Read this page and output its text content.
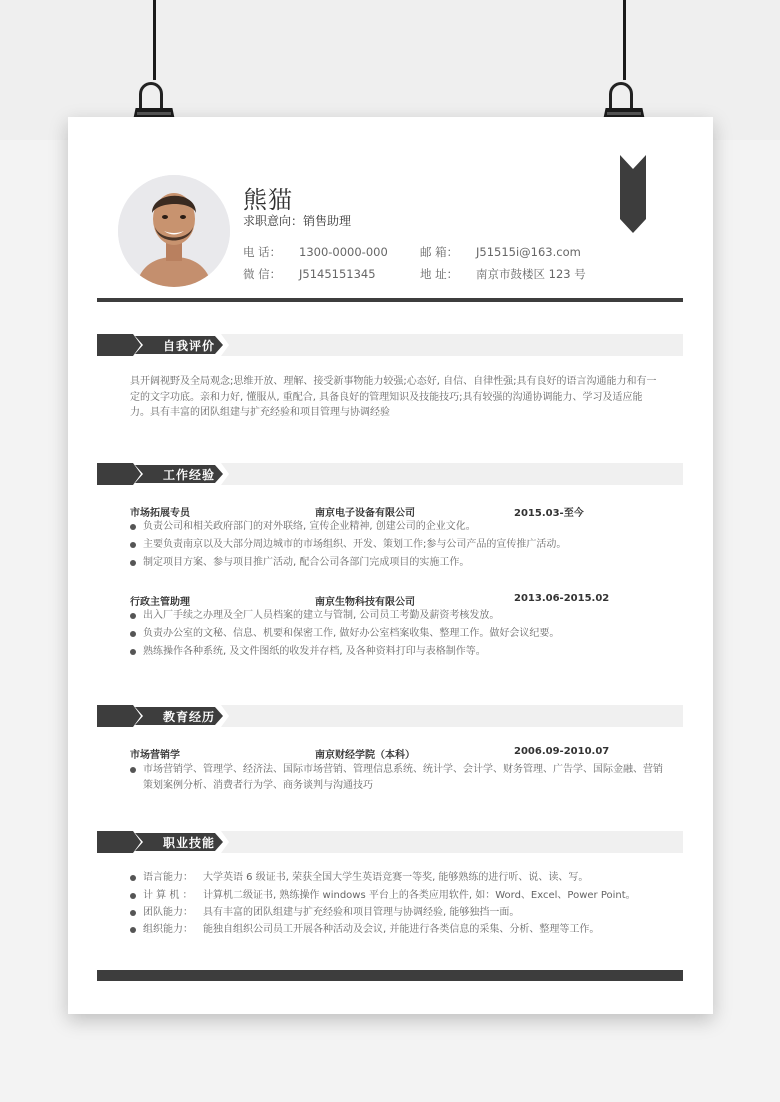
熊猫
求职意向：销售助理
电 话： 1300-0000-000	邮 箱： J51515i@163.com
微 信： J5145151345	地 址： 南京市鼓楼区 123 号
自我评价
具开阔视野及全局观念;思维开放、理解、接受新事物能力较强;心态好, 自信、自律性强;具有良好的语言沟通能力和有一定的文字功底。亲和力好, 懂服从, 重配合, 具备良好的管理知识及技能技巧;具有较强的沟通协调能力、学习及适应能力。具有丰富的团队组建与扩充经验和项目管理与协调经验
工作经验
市场拓展专员	南京电子设备有限公司	2015.03-至今
负责公司和相关政府部门的对外联络, 宣传企业精神, 创建公司的企业文化。
主要负责南京以及大部分周边城市的市场组织、开发、策划工作;参与公司产品的宣传推广活动。
制定项目方案、参与项目推广活动, 配合公司各部门完成项目的实施工作。
行政主管助理	南京生物科技有限公司	2013.06-2015.02
出入厂手续之办理及全厂人员档案的建立与管制, 公司员工考勤及薪资考核发放。
负责办公室的文秘、信息、机要和保密工作, 做好办公室档案收集、整理工作。做好会议纪要。
熟练操作各种系统, 及文件图纸的收发并存档, 及各种资料打印与表格制作等。
教育经历
市场营销学	南京财经学院（本科）	2006.09-2010.07
市场营销学、管理学、经济法、国际市场营销、管理信息系统、统计学、会计学、财务管理、广告学、国际金融、营销策划案例分析、消费者行为学、商务谈判与沟通技巧
职业技能
语言能力： 大学英语 6 级证书, 荣获全国大学生英语竞赛一等奖, 能够熟练的进行听、说、读、写。
计 算 机 ： 计算机二级证书, 熟练操作 windows 平台上的各类应用软件, 如：Word、Excel、Power Point。
团队能力： 具有丰富的团队组建与扩充经验和项目管理与协调经验, 能够独挡一面。
组织能力： 能独自组织公司员工开展各种活动及会议, 并能进行各类信息的采集、分析、整理等工作。
